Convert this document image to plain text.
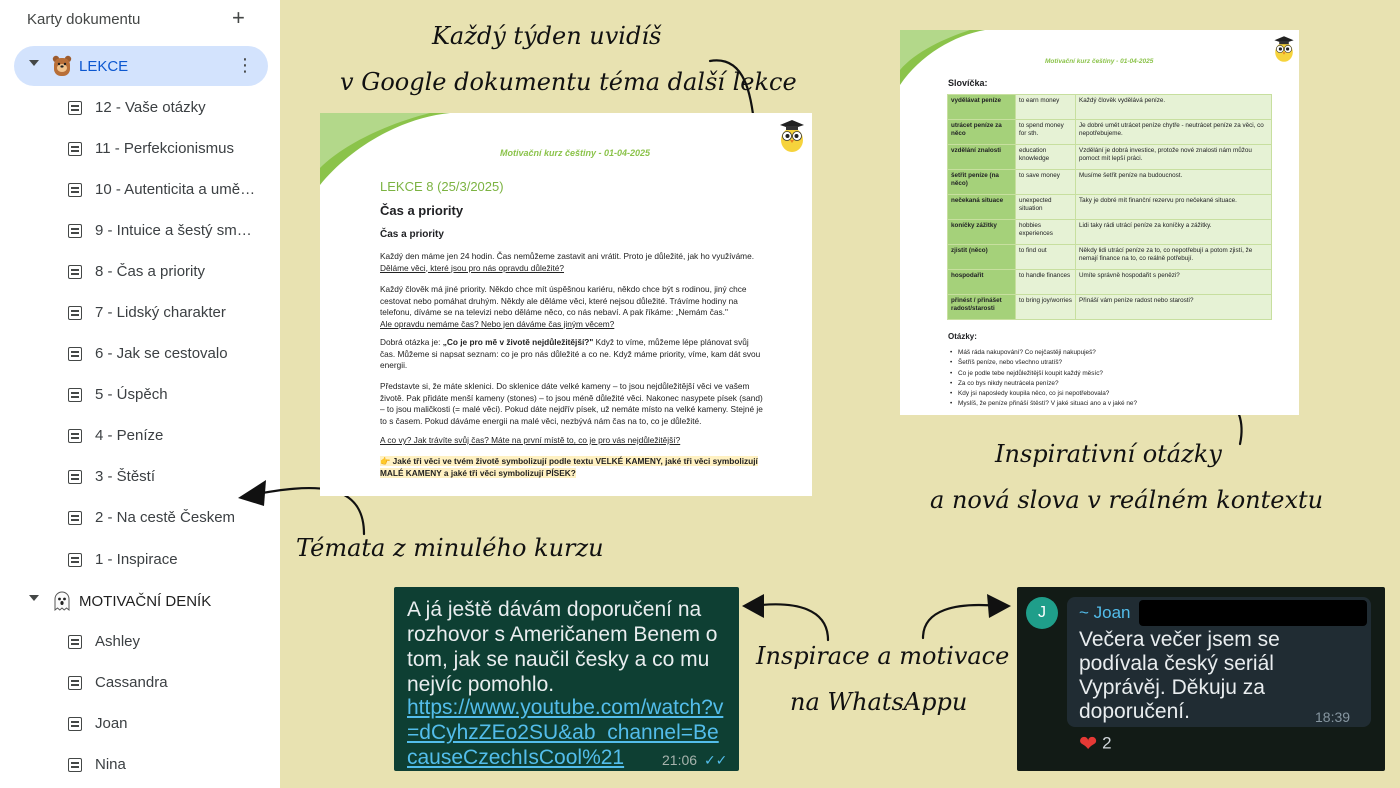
Karty dokumentu	+
LEKCE	⋮
12 - Vaše otázky
11 - Perfekcionismus
10 - Autenticita a umě…
9 - Intuice a šestý sm…
8 - Čas a priority
7 - Lidský charakter
6 - Jak se cestovalo
5 - Úspěch
4 - Peníze
3 - Štěstí
2 - Na cestě Českem
1 - Inspirace
MOTIVAČNÍ DENÍK
Ashley
Cassandra
Joan
Nina
Každý týden uvidíš
v Google dokumentu téma další lekce
Témata z minulého kurzu
Inspirativní otázky
a nová slova v reálném kontextu
Inspirace a motivace
na WhatsAppu
Motivační kurz češtiny - 01-04-2025
LEKCE 8 (25/3/2025)
Čas a priority
Čas a priority
Každý den máme jen 24 hodin. Čas nemůžeme zastavit ani vrátit. Proto je důležité, jak ho využíváme.
Děláme věci, které jsou pro nás opravdu důležité?
Každý člověk má jiné priority. Někdo chce mít úspěšnou kariéru, někdo chce být s rodinou, jiný chce cestovat nebo pomáhat druhým. Někdy ale děláme věci, které nejsou důležité. Trávíme hodiny na telefonu, díváme se na televizi nebo děláme něco, co nás nebaví. A pak říkáme: „Nemám čas."
Ale opravdu nemáme čas? Nebo jen dáváme čas jiným věcem?
Dobrá otázka je: „Co je pro mě v životě nejdůležitější?" Když to víme, můžeme lépe plánovat svůj čas. Můžeme si napsat seznam: co je pro nás důležité a co ne. Když máme priority, víme, kam dát svou energii.
Představte si, že máte sklenici. Do sklenice dáte velké kameny – to jsou nejdůležitější věci ve vašem životě. Pak přidáte menší kameny (stones) – to jsou méně důležité věci. Nakonec nasypete písek (sand) – to jsou maličkosti (= malé věci). Pokud dáte nejdřív písek, už nemáte místo na velké kameny. Stejné je to s časem. Pokud dáváme energii na malé věci, nezbývá nám čas na to, co je důležité.
A co vy? Jak trávíte svůj čas? Máte na první místě to, co je pro vás nejdůležitější?
👉 Jaké tři věci ve tvém životě symbolizují podle textu VELKÉ KAMENY, jaké tři věci symbolizují MALÉ KAMENY a jaké tři věci symbolizují PÍSEK?
Motivační kurz češtiny - 01-04-2025
Slovíčka:
vydělávat peníze	to earn money	Každý člověk vydělává peníze.
utrácet peníze za něco	to spend money for sth.	Je dobré umět utrácet peníze chytře - neutrácet peníze za věci, co nepotřebujeme.
vzdělání znalosti	education knowledge	Vzdělání je dobrá investice, protože nové znalosti nám můžou pomoct mít lepší práci.
šetřit peníze (na něco)	to save money	Musíme šetřit peníze na budoucnost.
nečekaná situace	unexpected situation	Taky je dobré mít finanční rezervu pro nečekané situace.
koníčky zážitky	hobbies experiences	Lidi taky rádi utrácí peníze za koníčky a zážitky.
zjistit (něco)	to find out	Někdy lidi utrácí peníze za to, co nepotřebují a potom zjistí, že nemají finance na to, co reálně potřebují.
hospodařit	to handle finances	Umíte správně hospodařit s penězi?
přinést / přinášet radost/starosti	to bring joy/worries	Přináší vám peníze radost nebo starosti?
Otázky:
• Máš ráda nakupování? Co nejčastěji nakupuješ?
• Šetříš peníze, nebo všechno utratíš?
• Co je podle tebe nejdůležitější koupit každý měsíc?
• Za co bys nikdy neutrácela peníze?
• Kdy jsi naposledy koupila něco, co jsi nepotřebovala?
• Myslíš, že peníze přináší štěstí? V jaké situaci ano a v jaké ne?
A já ještě dávám doporučení na rozhovor s Američanem Benem o tom, jak se naučil česky a co mu nejvíc pomohlo.
https://www.youtube.com/watch?v=dCyhzZEo2SU&ab_channel=BecauseCzechIsCool%21	21:06 ✓✓
J	~ Joan
Večera večer jsem se podívala český seriál Vyprávěj. Děkuju za doporučení.	18:39
❤ 2
